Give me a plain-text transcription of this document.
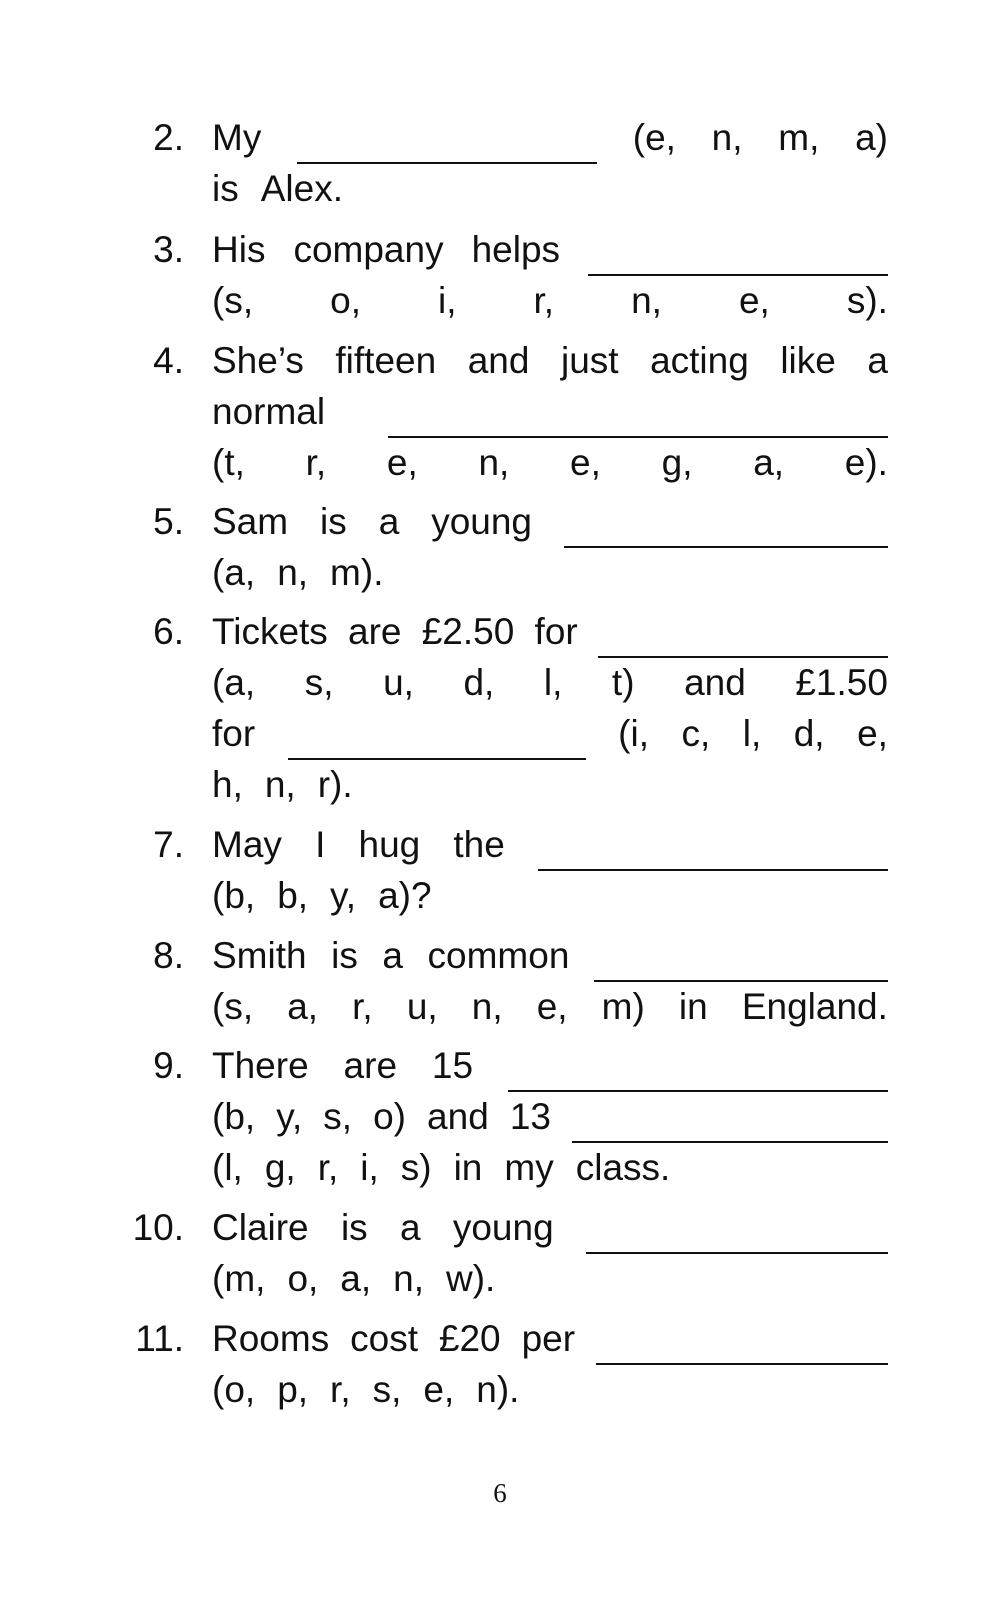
2. My	(e, n, m, a)
is Alex.
3. His company helps
(s, o, i, r, n, e, s).
4. She’s fifteen and just acting like a
normal
(t, r, e, n, e, g, a, e).
5. Sam is a young
(a, n, m).
6. Tickets are £2.50 for
(a, s, u, d, l, t) and £1.50
for	(i, c, l, d, e,
h, n, r).
7. May I hug the
(b, b, y, a)?
8. Smith is a common
(s, a, r, u, n, e, m) in England.
9. There are 15
(b, y, s, o) and 13
(l, g, r, i, s) in my class.
10. Claire is a young
(m, o, a, n, w).
11. Rooms cost £20 per
(o, p, r, s, e, n).
6
